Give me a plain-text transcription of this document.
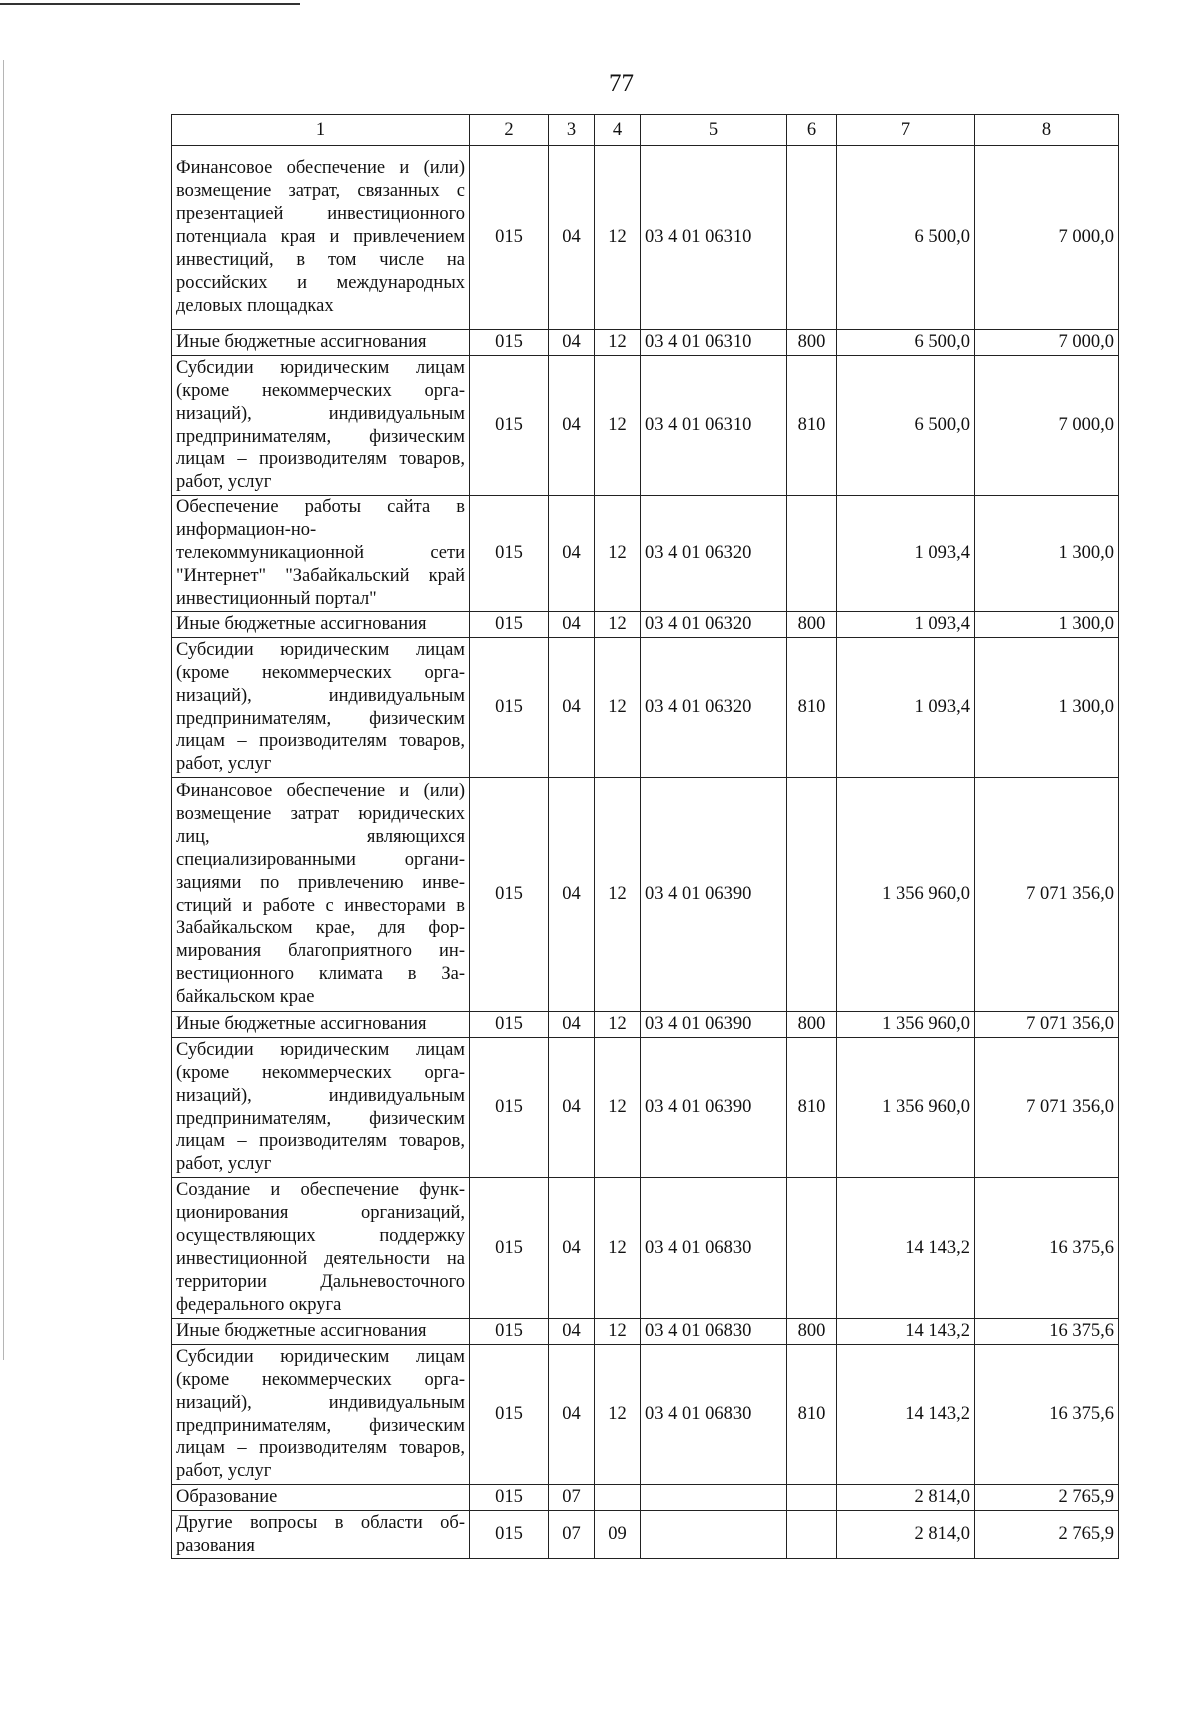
77
1	2	3	4	5	6	7	8
Финансовое обеспечение и (или) возмещение затрат, связанных с презентацией инвестиционного потенциала края и привлечением инвестиций, в том числе на российских и международных деловых площадках	015	04	12	03 4 01 06310		6 500,0	7 000,0
Иные бюджетные ассигнования	015	04	12	03 4 01 06310	800	6 500,0	7 000,0
Субсидии юридическим лицам (кроме некоммерческих организаций), индивидуальным предпринимателям, физическим лицам – производителям товаров, работ, услуг	015	04	12	03 4 01 06310	810	6 500,0	7 000,0
Обеспечение работы сайта в информацион-но-телекоммуникационной сети "Интернет" "Забайкальский край инвестиционный портал"	015	04	12	03 4 01 06320		1 093,4	1 300,0
Иные бюджетные ассигнования	015	04	12	03 4 01 06320	800	1 093,4	1 300,0
Субсидии юридическим лицам (кроме некоммерческих организаций), индивидуальным предпринимателям, физическим лицам – производителям товаров, работ, услуг	015	04	12	03 4 01 06320	810	1 093,4	1 300,0
Финансовое обеспечение и (или) возмещение затрат юридических лиц, являющихся специализированными организациями по привлечению инвестиций и работе с инвесторами в Забайкальском крае, для формирования благоприятного инвестиционного климата в Забайкальском крае	015	04	12	03 4 01 06390		1 356 960,0	7 071 356,0
Иные бюджетные ассигнования	015	04	12	03 4 01 06390	800	1 356 960,0	7 071 356,0
Субсидии юридическим лицам (кроме некоммерческих организаций), индивидуальным предпринимателям, физическим лицам – производителям товаров, работ, услуг	015	04	12	03 4 01 06390	810	1 356 960,0	7 071 356,0
Создание и обеспечение функционирования организаций, осуществляющих поддержку инвестиционной деятельности на территории Дальневосточного федерального округа	015	04	12	03 4 01 06830		14 143,2	16 375,6
Иные бюджетные ассигнования	015	04	12	03 4 01 06830	800	14 143,2	16 375,6
Субсидии юридическим лицам (кроме некоммерческих организаций), индивидуальным предпринимателям, физическим лицам – производителям товаров, работ, услуг	015	04	12	03 4 01 06830	810	14 143,2	16 375,6
Образование	015	07				2 814,0	2 765,9
Другие вопросы в области образования	015	07	09			2 814,0	2 765,9
